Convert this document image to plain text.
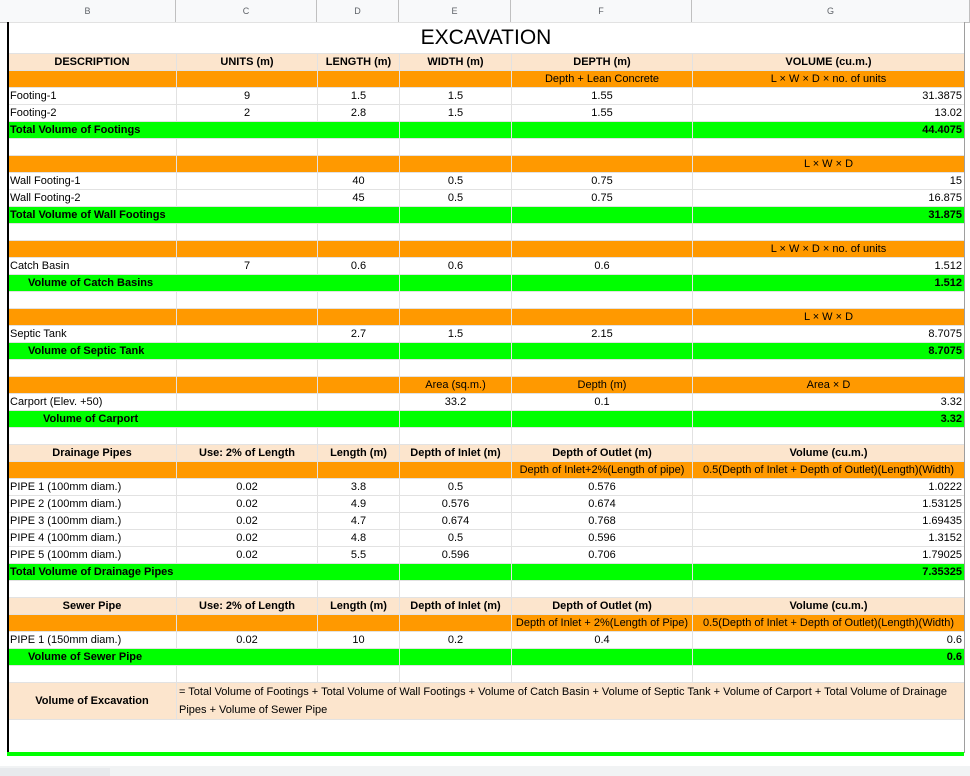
B	C	D	E	F	G
EXCAVATION					
DESCRIPTION	UNITS (m)	LENGTH (m)	WIDTH (m)	DEPTH (m)	VOLUME (cu.m.)
				Depth + Lean Concrete	L × W × D × no. of units
Footing-1	9	1.5	1.5	1.55	31.3875
Footing-2	2	2.8	1.5	1.55	13.02
Total Volume of Footings					44.4075

					L × W × D
Wall Footing-1		40	0.5	0.75	15
Wall Footing-2		45	0.5	0.75	16.875
Total Volume of Wall Footings					31.875

					L × W × D × no. of units
Catch Basin	7	0.6	0.6	0.6	1.512
Volume of Catch Basins					1.512

					L × W × D
Septic Tank		2.7	1.5	2.15	8.7075
Volume of Septic Tank					8.7075

			Area (sq.m.)	Depth (m)	Area × D
Carport (Elev. +50)			33.2	0.1	3.32
Volume of Carport					3.32

Drainage Pipes	Use: 2% of Length	Length (m)	Depth of Inlet (m)	Depth of Outlet (m)	Volume (cu.m.)
				Depth of Inlet+2%(Length of pipe)	0.5(Depth of Inlet + Depth of Outlet)(Length)(Width)
PIPE 1 (100mm diam.)	0.02	3.8	0.5	0.576	1.0222
PIPE 2 (100mm diam.)	0.02	4.9	0.576	0.674	1.53125
PIPE 3 (100mm diam.)	0.02	4.7	0.674	0.768	1.69435
PIPE 4 (100mm diam.)	0.02	4.8	0.5	0.596	1.3152
PIPE 5 (100mm diam.)	0.02	5.5	0.596	0.706	1.79025
Total Volume of Drainage Pipes					7.35325

Sewer Pipe	Use: 2% of Length	Length (m)	Depth of Inlet (m)	Depth of Outlet (m)	Volume (cu.m.)
				Depth of Inlet + 2%(Length of Pipe)	0.5(Depth of Inlet + Depth of Outlet)(Length)(Width)
PIPE 1 (150mm diam.)	0.02	10	0.2	0.4	0.6
Volume of Sewer Pipe					0.6

Volume of Excavation	= Total Volume of Footings + Total Volume of Wall Footings + Volume of Catch Basin + Volume of Septic Tank + Volume of Carport + Total Volume of Drainage Pipes + Volume of Sewer Pipe				
